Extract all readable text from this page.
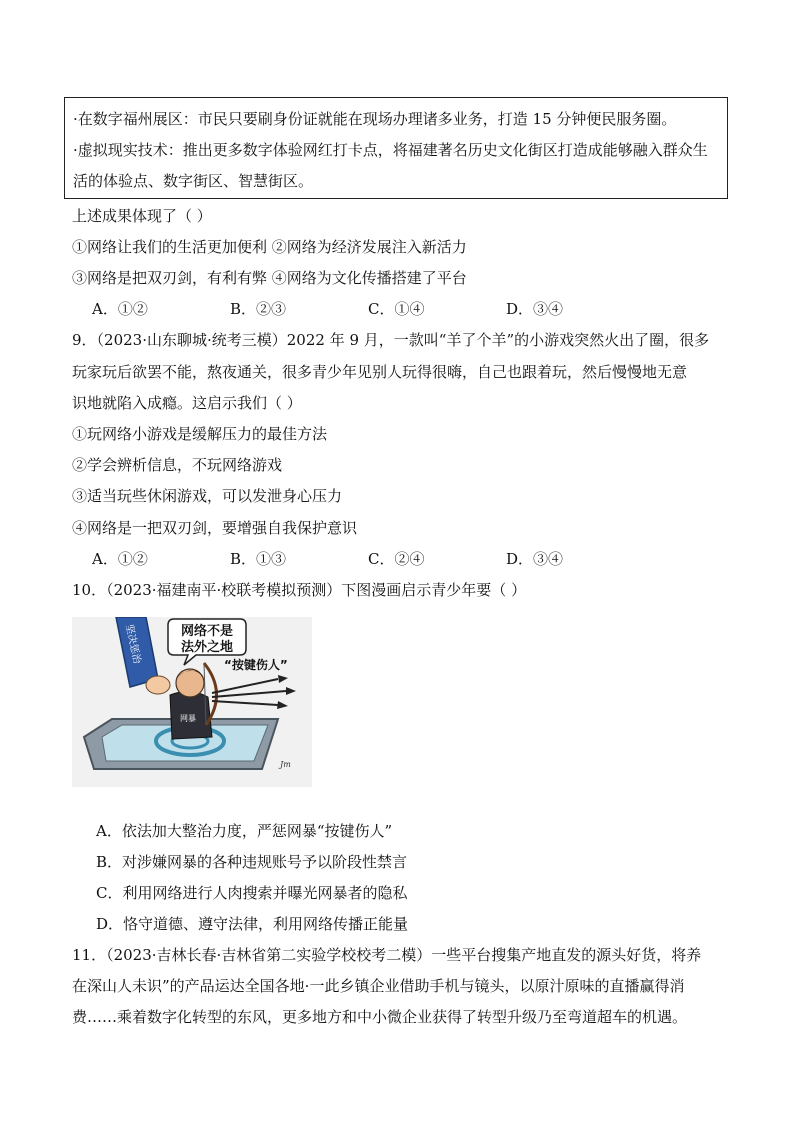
·在数字福州展区：市民只要刷身份证就能在现场办理诸多业务，打造 15 分钟便民服务圈。
·虚拟现实技术：推出更多数字体验网红打卡点，将福建著名历史文化街区打造成能够融入群众生活的体验点、数字街区、智慧街区。
上述成果体现了（ ）
①网络让我们的生活更加便利 ②网络为经济发展注入新活力
③网络是把双刃剑，有利有弊 ④网络为文化传播搭建了平台
A．①②	B．②③	C．①④	D．③④
9．（2023·山东聊城·统考三模）2022 年 9 月，一款叫“羊了个羊”的小游戏突然火出了圈，很多
玩家玩后欲罢不能，熬夜通关，很多青少年见别人玩得很嗨，自己也跟着玩，然后慢慢地无意
识地就陷入成瘾。这启示我们（ ）
①玩网络小游戏是缓解压力的最佳方法
②学会辨析信息，不玩网络游戏
③适当玩些休闲游戏，可以发泄身心压力
④网络是一把双刃剑，要增强自我保护意识
A．①②	B．①③	C．②④	D．③④
10．（2023·福建南平·校联考模拟预测）下图漫画启示青少年要（ ）
坚决惩治
网暴
网络不是
法外之地
“按键伤人”
Jm
A．依法加大整治力度，严惩网暴“按键伤人”
B．对涉嫌网暴的各种违规账号予以阶段性禁言
C．利用网络进行人肉搜索并曝光网暴者的隐私
D．恪守道德、遵守法律，利用网络传播正能量
11．（2023·吉林长春·吉林省第二实验学校校考二模）一些平台搜集产地直发的源头好货，将养
在深山人未识”的产品运达全国各地·一此乡镇企业借助手机与镜头，以原汁原味的直播赢得消
费……乘着数字化转型的东风，更多地方和中小微企业获得了转型升级乃至弯道超车的机遇。
